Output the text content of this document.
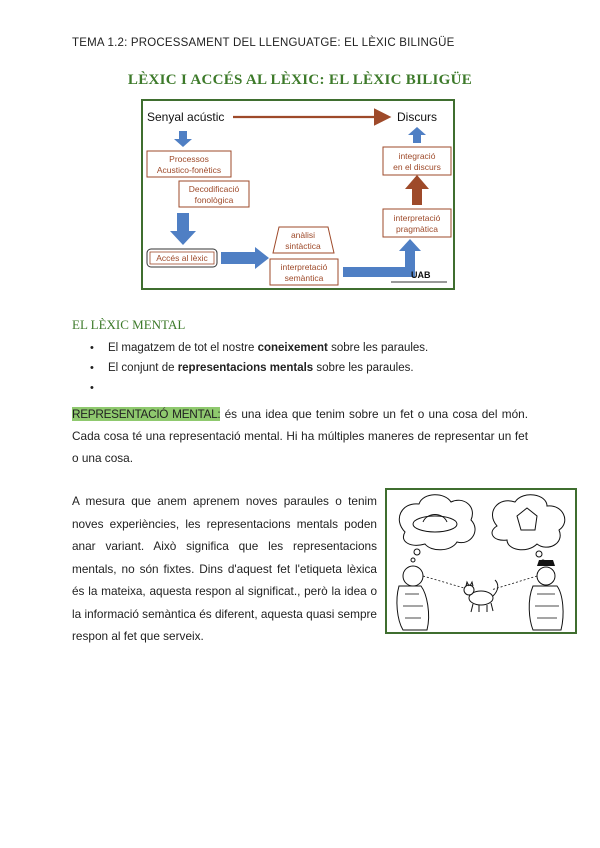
TEMA 1.2: PROCESSAMENT DEL LLENGUATGE: EL LÈXIC BILINGÜE
LÈXIC I ACCÉS AL LÈXIC: EL LÈXIC BILIGÜE
Senyal acústic	Discurs
Processos
Acustico-fonètics
Decodificació
fonològica
Accés al lèxic
anàlisi
sintàctica
interpretació
semàntica
interpretació
pragmàtica
integració
en el discurs
UAB
EL LÈXIC MENTAL
• El magatzem de tot el nostre coneixement sobre les paraules.
• El conjunt de representacions mentals sobre les paraules.
•
REPRESENTACIÓ MENTAL: és una idea que tenim sobre un fet o una cosa del món. Cada cosa té una representació mental. Hi ha múltiples maneres de representar un fet o una cosa.
A mesura que anem aprenem noves paraules o tenim noves experiències, les representacions mentals poden anar variant. Això significa que les representacions mentals, no són fixtes. Dins d'aquest fet l'etiqueta lèxica és la mateixa, aquesta respon al significat., però la idea o la informació semàntica és diferent, aquesta quasi sempre respon al fet que serveix.
